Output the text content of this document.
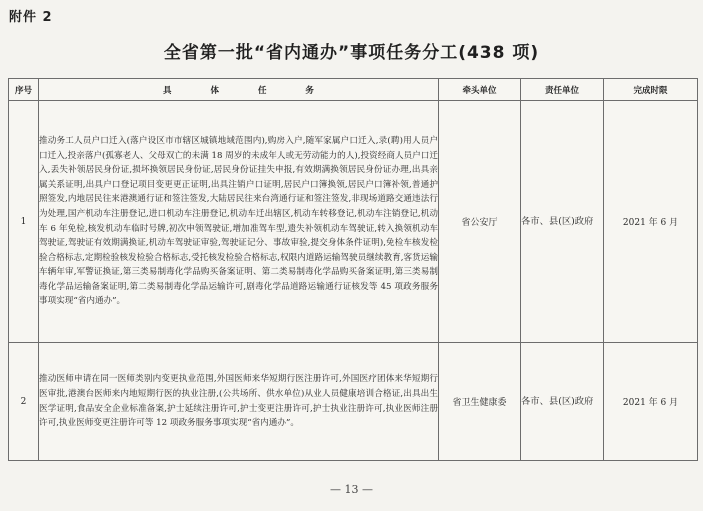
附件 2
全省第一批“省内通办”事项任务分工(438 项)
序号	具 体 任 务	牵头单位	责任单位	完成时限
1	推动务工人员户口迁入(落户设区市市辖区城镇地域范围内),购房入户,随军家属户口迁入,录(聘)用人员户口迁入,投亲落户(孤寡老人、父母双亡的未满 18 周岁的未成年人或无劳动能力的人),投资经商人员户口迁入,丢失补领居民身份证,损坏换领居民身份证,居民身份证挂失申报,有效期满换领居民身份证办理,出具亲属关系证明,出具户口登记项目变更更正证明,出具注销户口证明,居民户口簿换领,居民户口簿补领,普通护照签发,内地居民往来港澳通行证和签注签发,大陆居民往来台湾通行证和签注签发,非现场道路交通违法行为处理,国产机动车注册登记,进口机动车注册登记,机动车迁出辖区,机动车转移登记,机动车注销登记,机动车 6 年免检,核发机动车临时号牌,初次申领驾驶证,增加准驾车型,遗失补领机动车驾驶证,转入换领机动车驾驶证,驾驶证有效期满换证,机动车驾驶证审验,驾驶证记分、事故审验,提交身体条件证明),免检车核发检验合格标志,定期检验核发检验合格标志,受托核发检验合格标志,权限内道路运输驾驶员继续教育,客货运输车辆年审,军警证换证,第三类易制毒化学品购买备案证明、第二类易制毒化学品购买备案证明,第三类易制毒化学品运输备案证明,第二类易制毒化学品运输许可,剧毒化学品道路运输通行证核发等 45 项政务服务事项实现“省内通办”。	省公安厅	各市、县(区)政府	2021 年 6 月
2	推动医师申请在同一医师类别内变更执业范围,外国医师来华短期行医注册许可,外国医疗团体来华短期行医审批,港澳台医师来内地短期行医的执业注册,(公共场所、供水单位)从业人员健康培训合格证,出具出生医学证明,食品安全企业标准备案,护士延续注册许可,护士变更注册许可,护士执业注册许可,执业医师注册许可,执业医师变更注册许可等 12 项政务服务事项实现“省内通办”。	省卫生健康委	各市、县(区)政府	2021 年 6 月
— 13 —
